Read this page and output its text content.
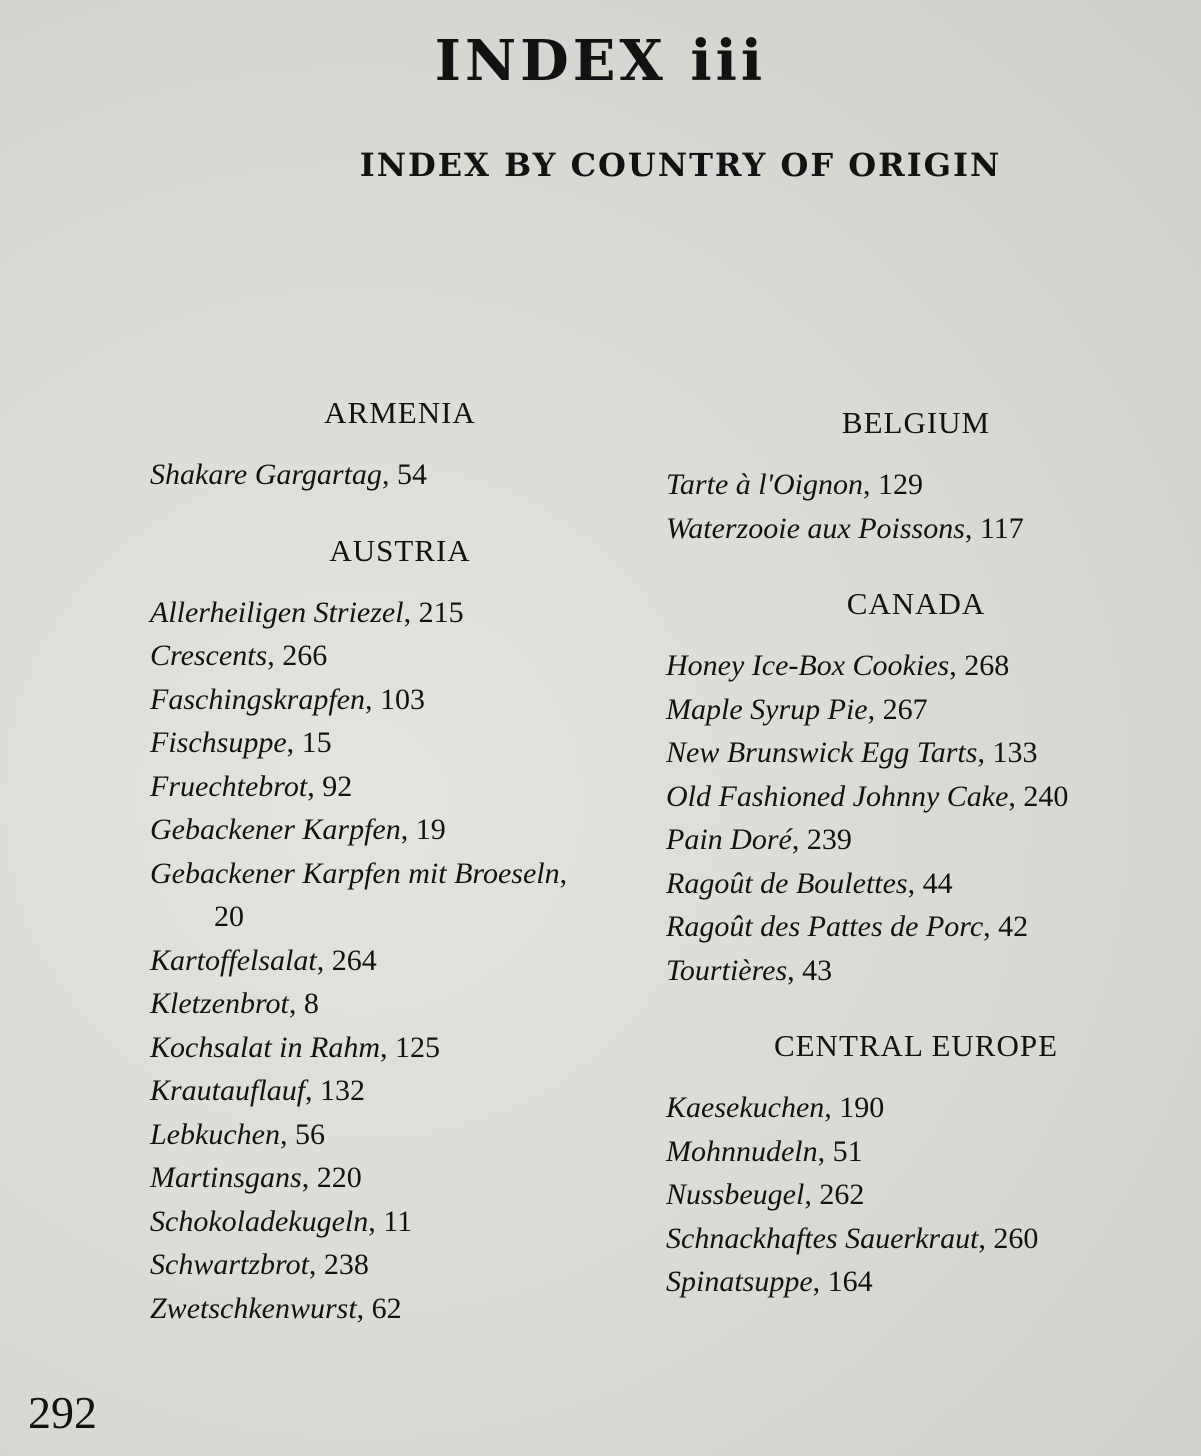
INDEX iii
INDEX BY COUNTRY OF ORIGIN
ARMENIA
Shakare Gargartag, 54
AUSTRIA
Allerheiligen Striezel, 215
Crescents, 266
Faschingskrapfen, 103
Fischsuppe, 15
Fruechtebrot, 92
Gebackener Karpfen, 19
Gebackener Karpfen mit Broeseln,
20
Kartoffelsalat, 264
Kletzenbrot, 8
Kochsalat in Rahm, 125
Krautauflauf, 132
Lebkuchen, 56
Martinsgans, 220
Schokoladekugeln, 11
Schwartzbrot, 238
Zwetschkenwurst, 62
BELGIUM
Tarte à l'Oignon, 129
Waterzooie aux Poissons, 117
CANADA
Honey Ice-Box Cookies, 268
Maple Syrup Pie, 267
New Brunswick Egg Tarts, 133
Old Fashioned Johnny Cake, 240
Pain Doré, 239
Ragoût de Boulettes, 44
Ragoût des Pattes de Porc, 42
Tourtières, 43
CENTRAL EUROPE
Kaesekuchen, 190
Mohnnudeln, 51
Nussbeugel, 262
Schnackhaftes Sauerkraut, 260
Spinatsuppe, 164
292
